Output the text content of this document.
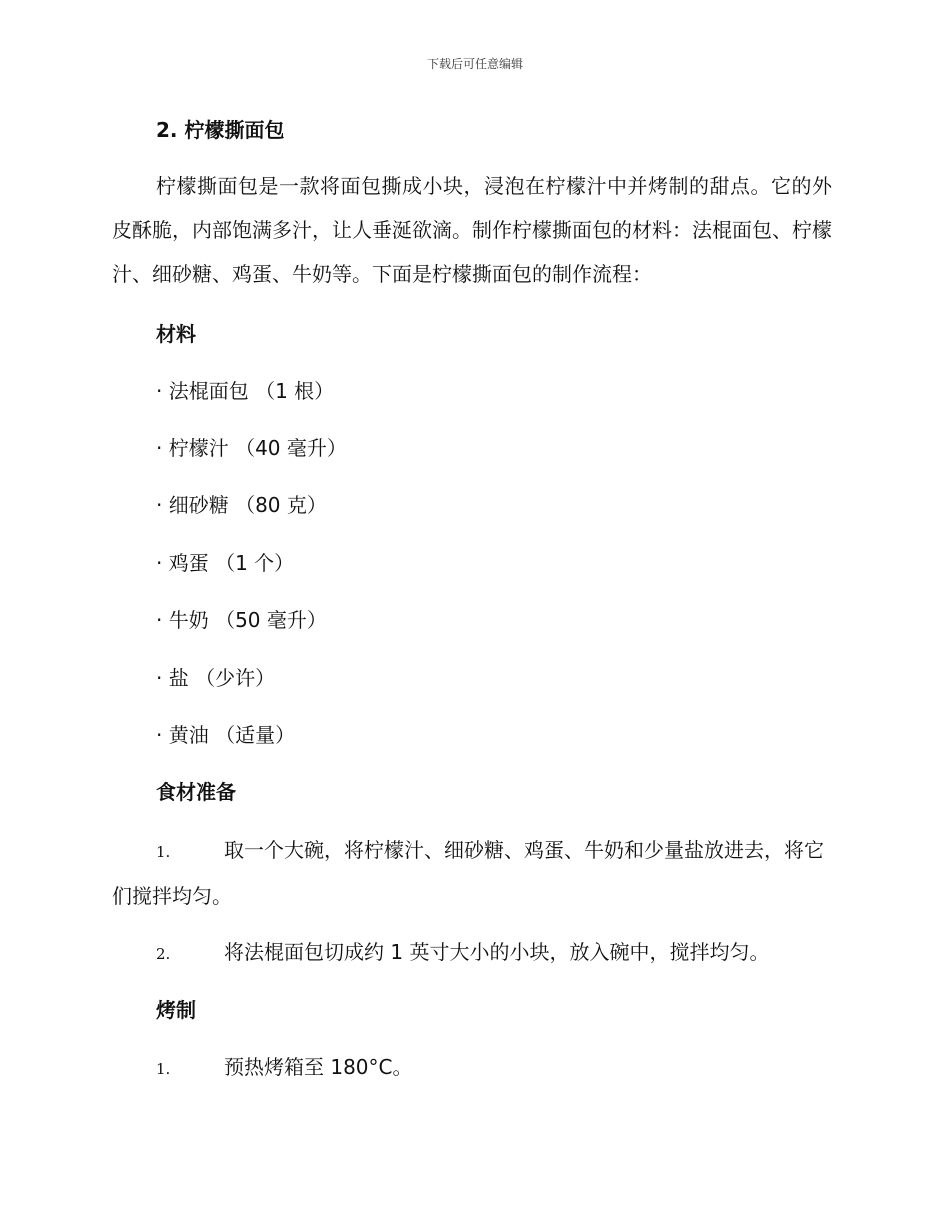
下载后可任意编辑
2. 柠檬撕面包

柠檬撕面包是一款将面包撕成小块，浸泡在柠檬汁中并烤制的甜点。它的外皮酥脆，内部饱满多汁，让人垂涎欲滴。制作柠檬撕面包的材料：法棍面包、柠檬汁、细砂糖、鸡蛋、牛奶等。下面是柠檬撕面包的制作流程：

材料
· 法棍面包 （1 根）
· 柠檬汁 （40 毫升）
· 细砂糖 （80 克）
· 鸡蛋 （1 个）
· 牛奶 （50 毫升）
· 盐 （少许）
· 黄油 （适量）
食材准备

1.	取一个大碗，将柠檬汁、细砂糖、鸡蛋、牛奶和少量盐放进去，将它们搅拌均匀。

2.	将法棍面包切成约 1 英寸大小的小块，放入碗中，搅拌均匀。

烤制

1.	预热烤箱至 180°C。
